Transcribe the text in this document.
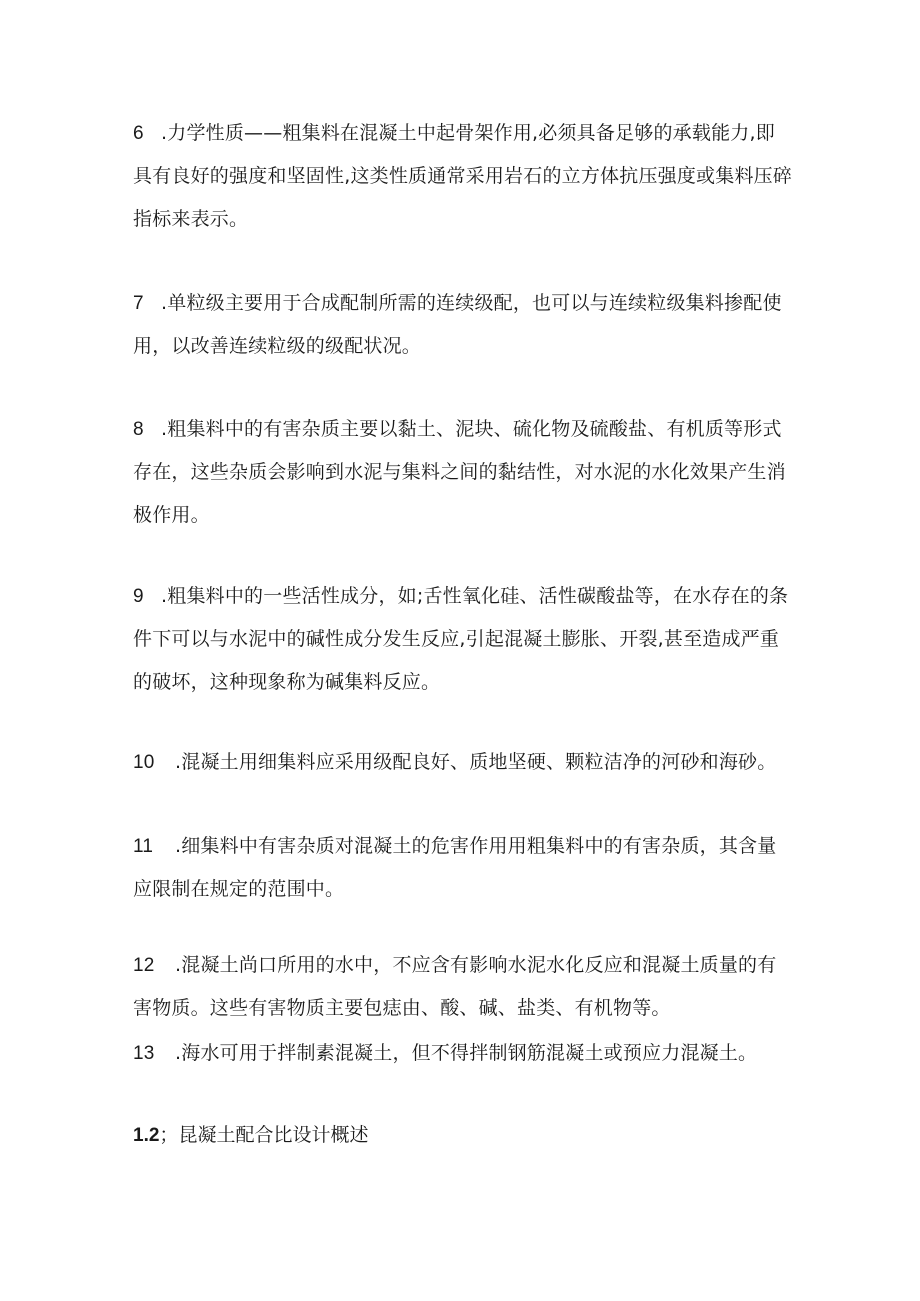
6 .力学性质——粗集料在混凝土中起骨架作用,必须具备足够的承载能力,即具有良好的强度和坚固性,这类性质通常采用岩石的立方体抗压强度或集料压碎指标来表示。

7 .单粒级主要用于合成配制所需的连续级配，也可以与连续粒级集料掺配使用，以改善连续粒级的级配状况。

8 .粗集料中的有害杂质主要以黏土、泥块、硫化物及硫酸盐、有机质等形式存在，这些杂质会影响到水泥与集料之间的黏结性，对水泥的水化效果产生消极作用。

9 .粗集料中的一些活性成分，如;舌性氧化硅、活性碳酸盐等，在水存在的条件下可以与水泥中的碱性成分发生反应,引起混凝土膨胀、开裂,甚至造成严重的破坏，这种现象称为碱集料反应。

10 .混凝土用细集料应采用级配良好、质地坚硬、颗粒洁净的河砂和海砂。

11 .细集料中有害杂质对混凝土的危害作用用粗集料中的有害杂质，其含量应限制在规定的范围中。

12 .混凝土尚口所用的水中，不应含有影响水泥水化反应和混凝土质量的有害物质。这些有害物质主要包痣由、酸、碱、盐类、有机物等。

13 .海水可用于拌制素混凝土，但不得拌制钢筋混凝土或预应力混凝土。

1.2；昆凝土配合比设计概述
